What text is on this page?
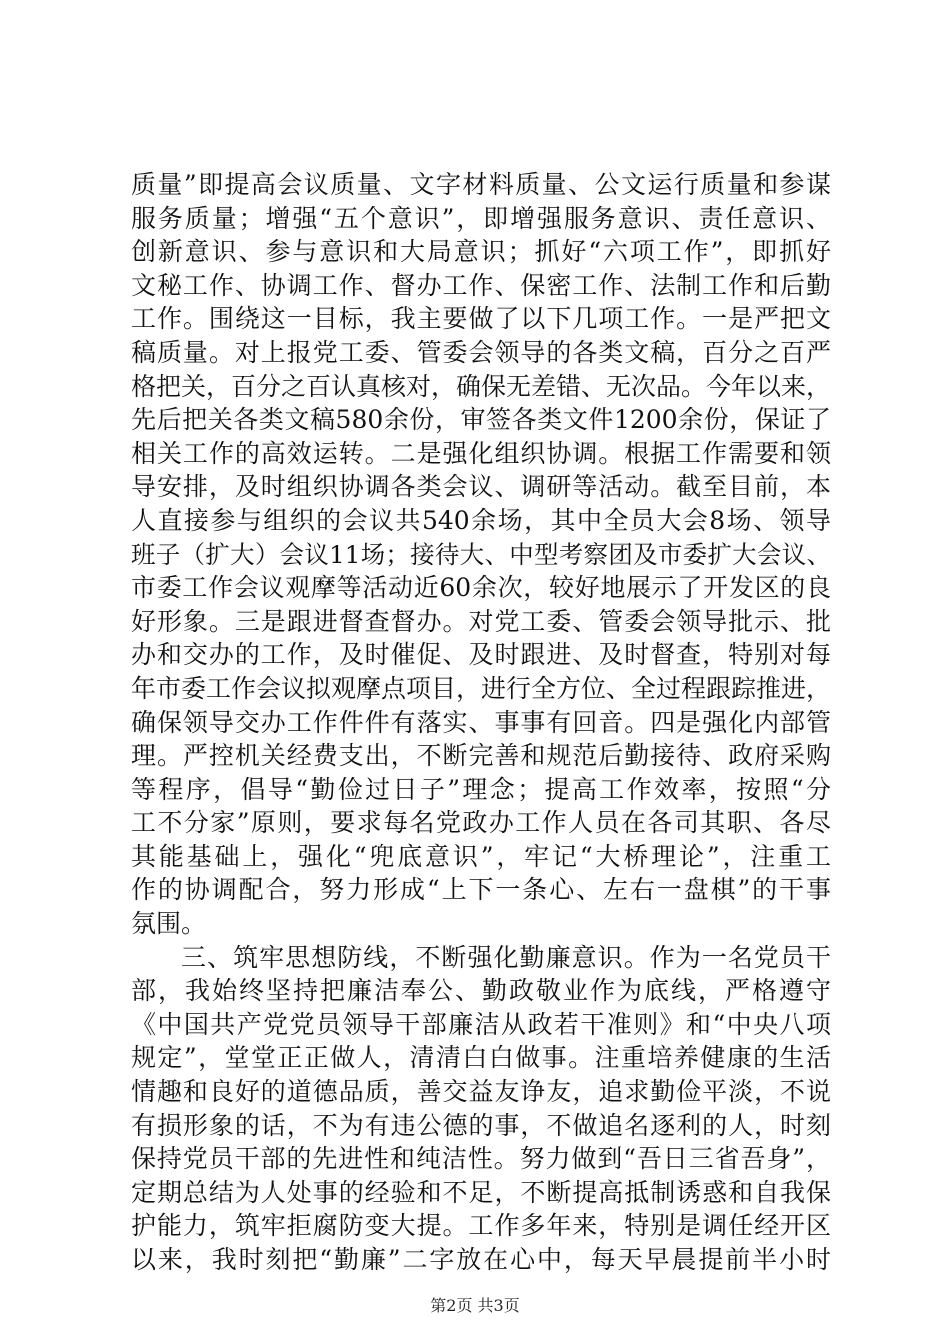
质量”即提高会议质量、文字材料质量、公文运行质量和参谋
服务质量；增强“五个意识”，即增强服务意识、责任意识、
创新意识、参与意识和大局意识；抓好“六项工作”，即抓好
文秘工作、协调工作、督办工作、保密工作、法制工作和后勤
工作。围绕这一目标，我主要做了以下几项工作。一是严把文
稿质量。对上报党工委、管委会领导的各类文稿，百分之百严
格把关，百分之百认真核对，确保无差错、无次品。今年以来，
先后把关各类文稿580余份，审签各类文件1200余份，保证了
相关工作的高效运转。二是强化组织协调。根据工作需要和领
导安排，及时组织协调各类会议、调研等活动。截至目前，本
人直接参与组织的会议共540余场，其中全员大会8场、领导
班子（扩大）会议11场；接待大、中型考察团及市委扩大会议、
市委工作会议观摩等活动近60余次，较好地展示了开发区的良
好形象。三是跟进督查督办。对党工委、管委会领导批示、批
办和交办的工作，及时催促、及时跟进、及时督查，特别对每
年市委工作会议拟观摩点项目，进行全方位、全过程跟踪推进，
确保领导交办工作件件有落实、事事有回音。四是强化内部管
理。严控机关经费支出，不断完善和规范后勤接待、政府采购
等程序，倡导“勤俭过日子”理念；提高工作效率，按照“分
工不分家”原则，要求每名党政办工作人员在各司其职、各尽
其能基础上，强化“兜底意识”，牢记“大桥理论”，注重工
作的协调配合，努力形成“上下一条心、左右一盘棋”的干事
氛围。
三、筑牢思想防线，不断强化勤廉意识。作为一名党员干
部，我始终坚持把廉洁奉公、勤政敬业作为底线，严格遵守
《中国共产党党员领导干部廉洁从政若干准则》和“中央八项
规定”，堂堂正正做人，清清白白做事。注重培养健康的生活
情趣和良好的道德品质，善交益友诤友，追求勤俭平淡，不说
有损形象的话，不为有违公德的事，不做追名逐利的人，时刻
保持党员干部的先进性和纯洁性。努力做到“吾日三省吾身”，
定期总结为人处事的经验和不足，不断提高抵制诱惑和自我保
护能力，筑牢拒腐防变大提。工作多年来，特别是调任经开区
以来，我时刻把“勤廉”二字放在心中，每天早晨提前半小时
第2页 共3页
